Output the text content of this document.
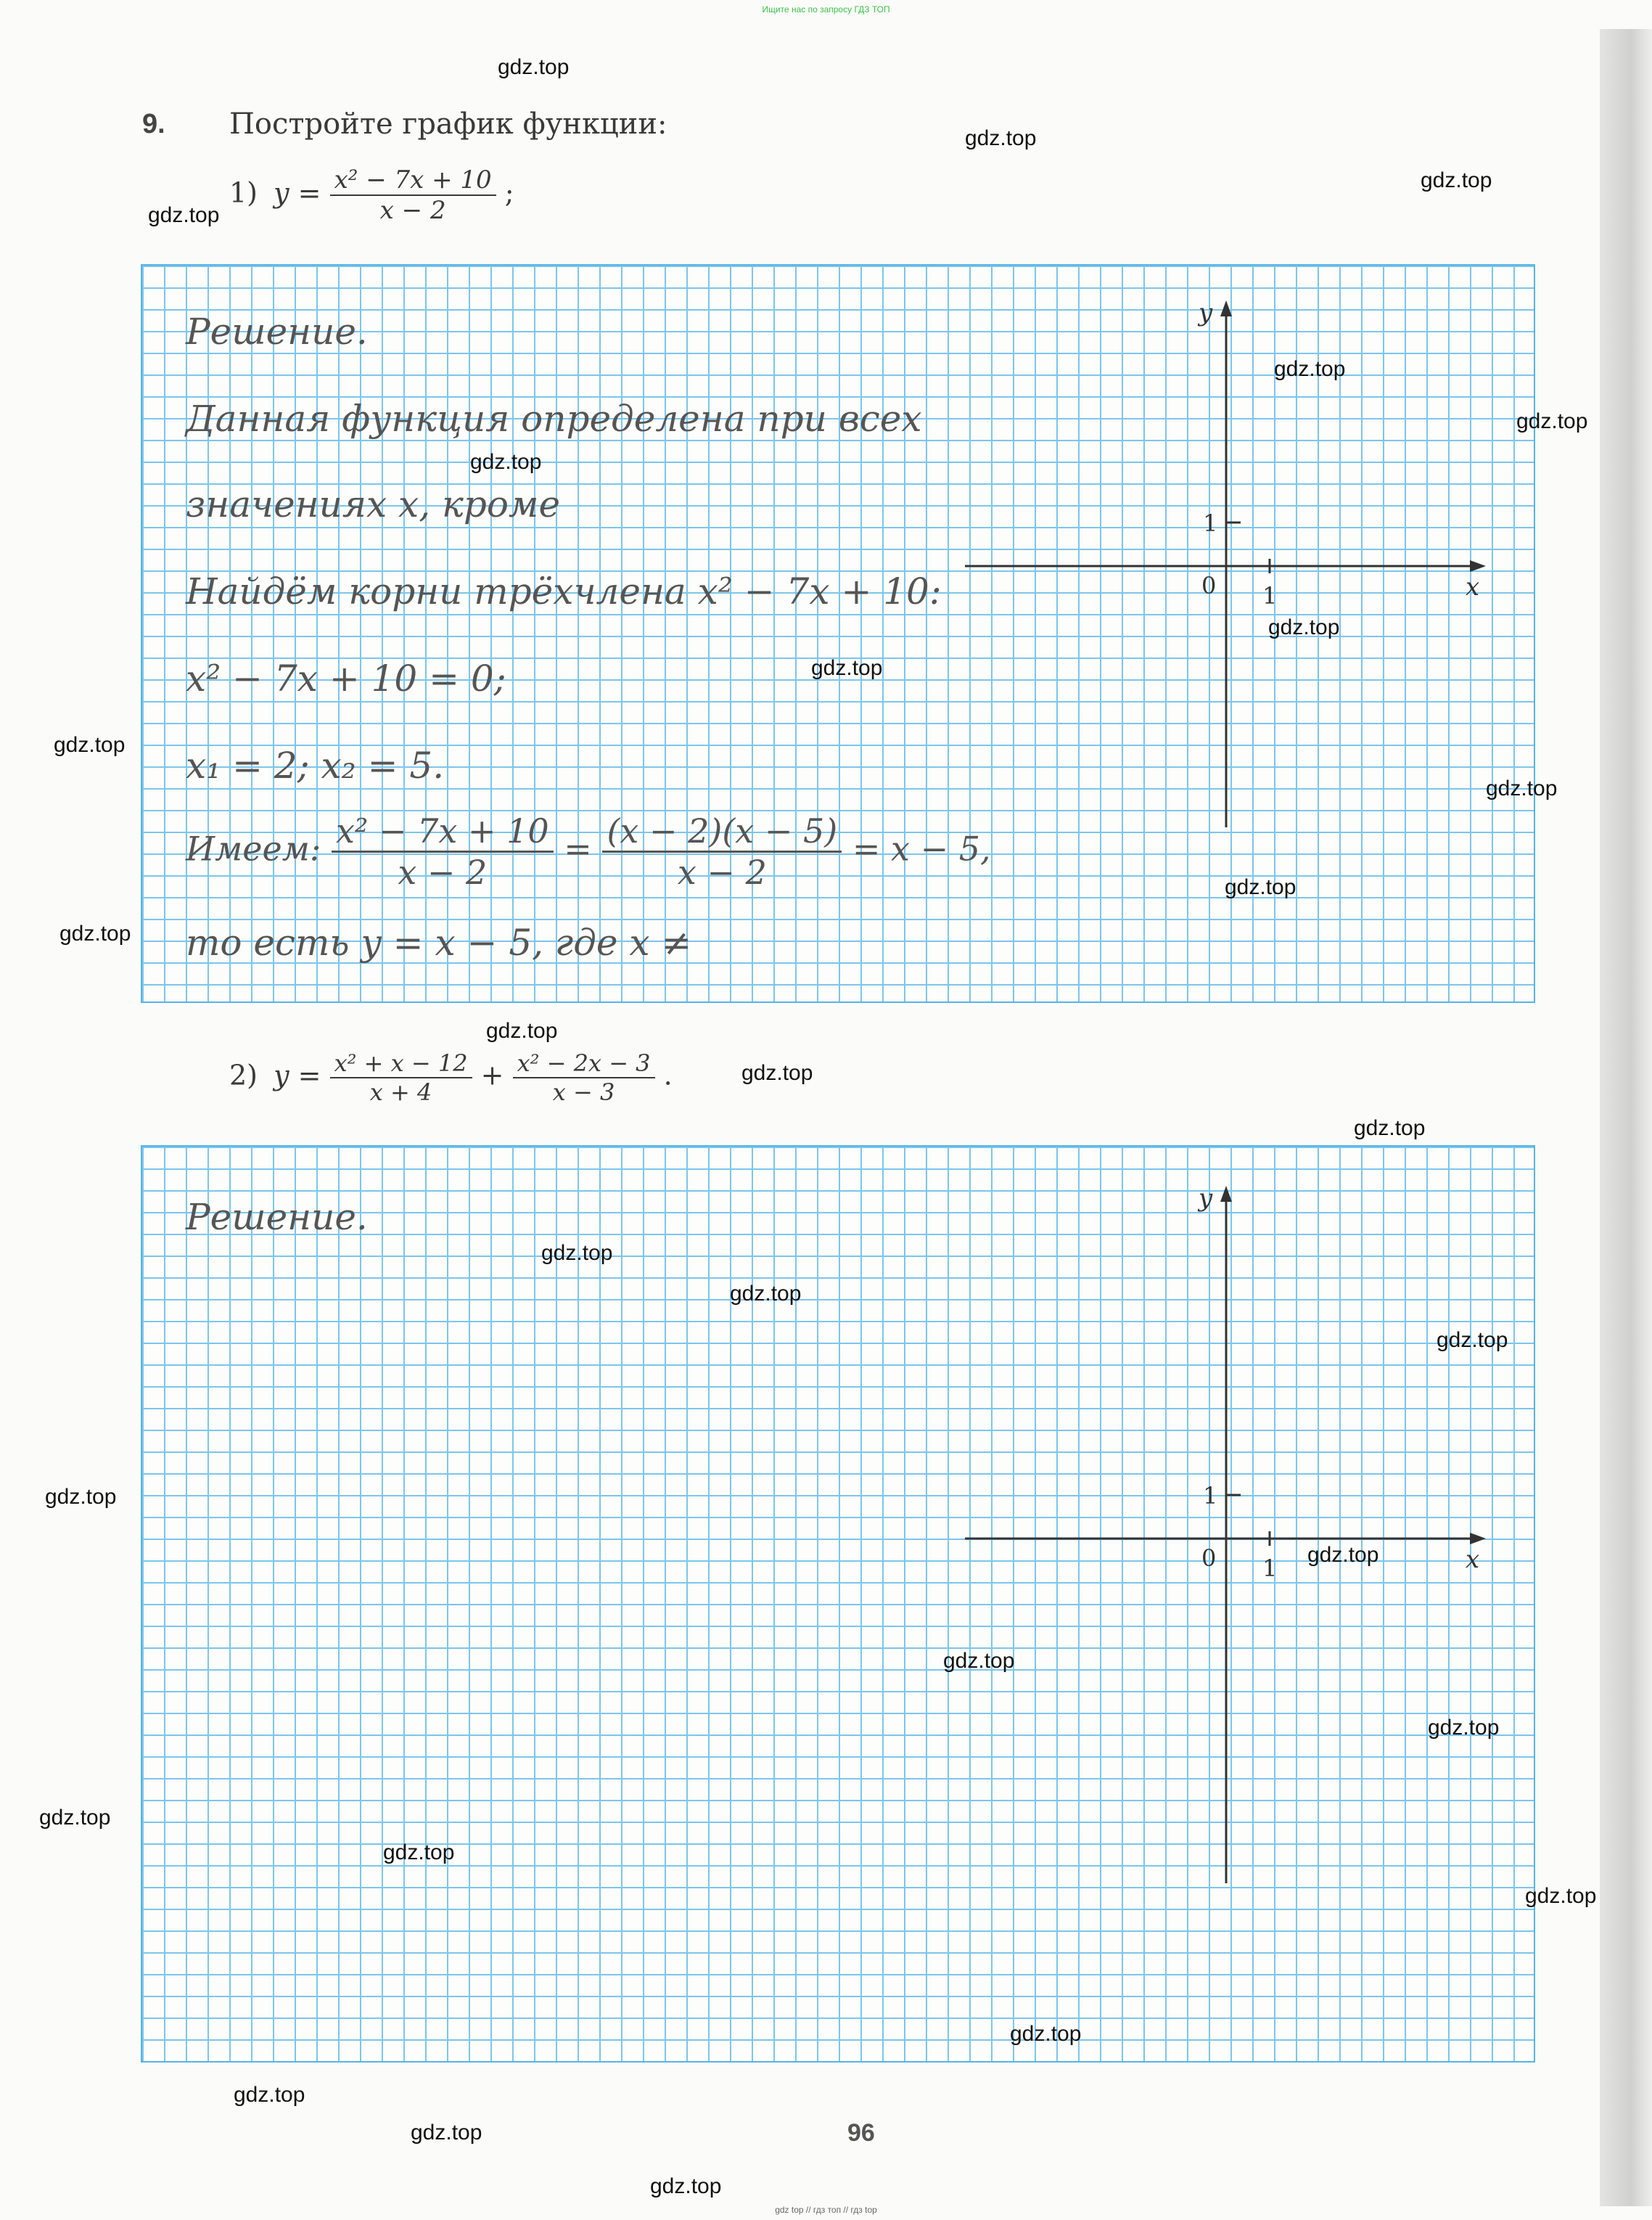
Ищите нас по запросу ГДЗ ТОП
9. Постройте график функции:
1) $y = \frac{\text{x² − 7x + 10}}{x - 2}$ ;
y
x
0
1
1
Решение.
Данная функция определена при всех
значениях x, кроме
Найдём корни трёхчлена x² − 7x + 10:
x² − 7x + 10 = 0;
x₁ = 2; x₂ = 5.
Имеем: $\frac{\text{x² − 7x + 10}}{x - 2} = \frac{(x - 2)(x - 5)}{x - 2} = x - 5$,
то есть y = x − 5, где x ≠
2) $y = \frac{\text{x² + x − 12}}{x + 4} + \frac{\text{x² − 2x − 3}}{x - 3}$ .
y
x
0
1
1
Решение.
gdz.top
gdz.top
gdz.top
gdz.top
gdz.top
gdz.top
gdz.top
gdz.top
gdz.top
gdz.top
gdz.top
gdz.top
gdz.top
gdz.top
gdz.top
gdz.top
gdz.top
gdz.top
gdz.top
gdz.top
gdz.top
gdz.top
gdz.top
gdz.top
gdz.top
gdz.top
gdz.top
gdz.top
gdz.top
gdz.top
96
gdz top // гдз топ // гдз top
